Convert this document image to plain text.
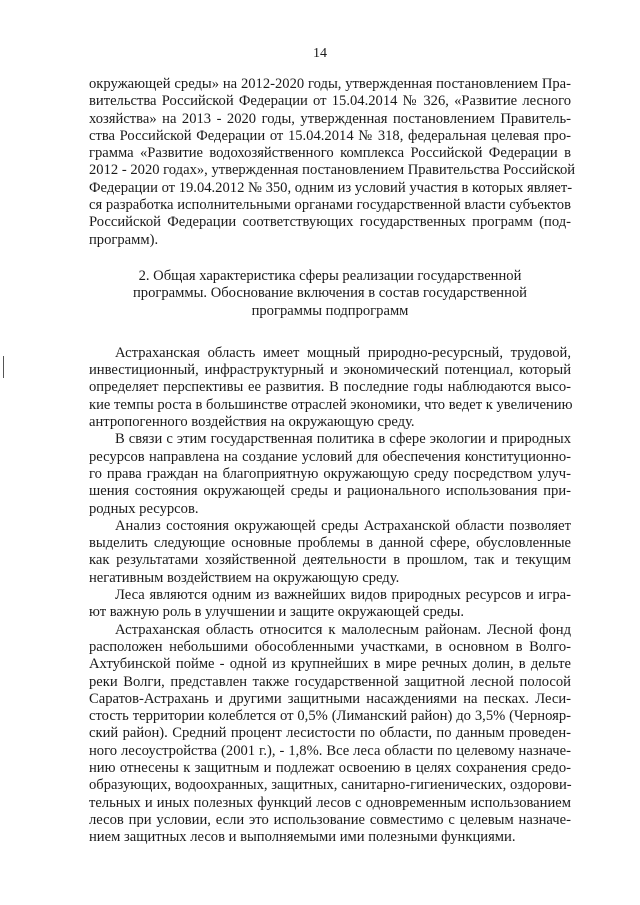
14
окружающей среды» на 2012-2020 годы, утвержденная постановлением Пра-
вительства Российской Федерации от 15.04.2014 № 326, «Развитие лесного
хозяйства» на 2013 - 2020 годы, утвержденная постановлением Правитель-
ства Российской Федерации от 15.04.2014 № 318, федеральная целевая про-
грамма «Развитие водохозяйственного комплекса Российской Федерации в
2012 - 2020 годах», утвержденная постановлением Правительства Российской
Федерации от 19.04.2012 № 350, одним из условий участия в которых являет-
ся разработка исполнительными органами государственной власти субъектов
Российской Федерации соответствующих государственных программ (под-
программ).
2. Общая характеристика сферы реализации государственной
программы. Обоснование включения в состав государственной
программы подпрограмм
Астраханская область имеет мощный природно-ресурсный, трудовой,
инвестиционный, инфраструктурный и экономический потенциал, который
определяет перспективы ее развития. В последние годы наблюдаются высо-
кие темпы роста в большинстве отраслей экономики, что ведет к увеличению
антропогенного воздействия на окружающую среду.
В связи с этим государственная политика в сфере экологии и природных
ресурсов направлена на создание условий для обеспечения конституционно-
го права граждан на благоприятную окружающую среду посредством улуч-
шения состояния окружающей среды и рационального использования при-
родных ресурсов.
Анализ состояния окружающей среды Астраханской области позволяет
выделить следующие основные проблемы в данной сфере, обусловленные
как результатами хозяйственной деятельности в прошлом, так и текущим
негативным воздействием на окружающую среду.
Леса являются одним из важнейших видов природных ресурсов и игра-
ют важную роль в улучшении и защите окружающей среды.
Астраханская область относится к малолесным районам. Лесной фонд
расположен небольшими обособленными участками, в основном в Волго-
Ахтубинской пойме - одной из крупнейших в мире речных долин, в дельте
реки Волги, представлен также государственной защитной лесной полосой
Саратов-Астрахань и другими защитными насаждениями на песках. Леси-
стость территории колеблется от 0,5% (Лиманский район) до 3,5% (Чернояр-
ский район). Средний процент лесистости по области, по данным проведен-
ного лесоустройства (2001 г.), - 1,8%. Все леса области по целевому назначе-
нию отнесены к защитным и подлежат освоению в целях сохранения средо-
образующих, водоохранных, защитных, санитарно-гигиенических, оздорови-
тельных и иных полезных функций лесов с одновременным использованием
лесов при условии, если это использование совместимо с целевым назначе-
нием защитных лесов и выполняемыми ими полезными функциями.
